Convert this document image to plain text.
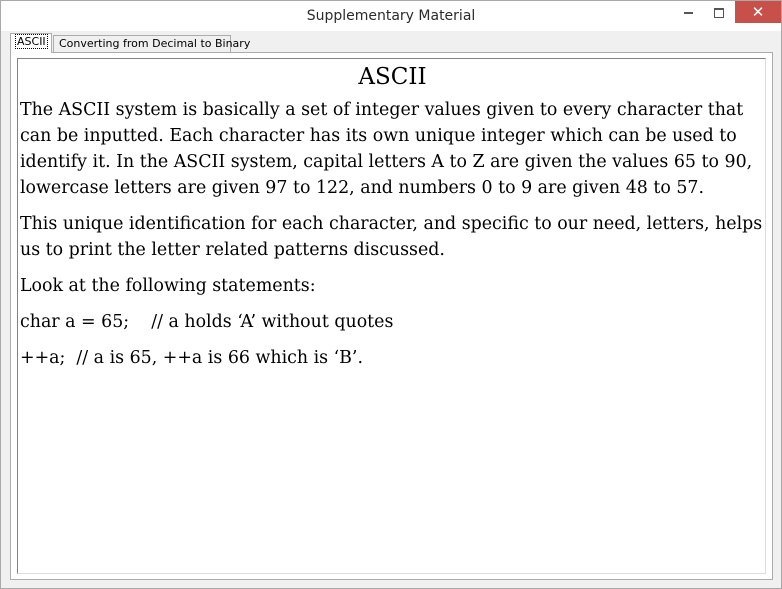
Supplementary Material	✕
ASCII	Converting from Decimal to Binary
ASCII

The ASCII system is basically a set of integer values given to every character that can be inputted. Each character has its own unique integer which can be used to identify it. In the ASCII system, capital letters A to Z are given the values 65 to 90, lowercase letters are given 97 to 122, and numbers 0 to 9 are given 48 to 57.

This unique identification for each character, and specific to our need, letters, helps us to print the letter related patterns discussed.

Look at the following statements:

char a = 65;    // a holds ‘A’ without quotes

++a;  // a is 65, ++a is 66 which is ‘B’.
